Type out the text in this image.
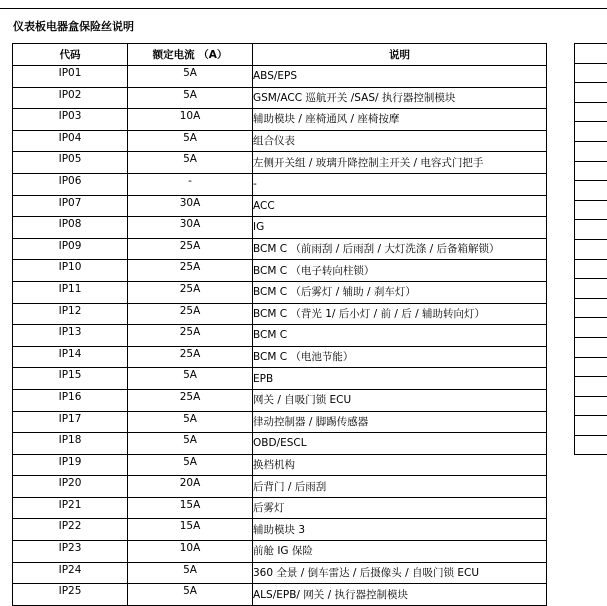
仪表板电器盒保险丝说明
代码	额定电流 （A）	说明
IP01	5A	ABS/EPS
IP02	5A	GSM/ACC 巡航开关 /SAS/ 执行器控制模块
IP03	10A	辅助模块 / 座椅通风 / 座椅按摩
IP04	5A	组合仪表
IP05	5A	左侧开关组 / 玻璃升降控制主开关 / 电容式门把手
IP06	-	-
IP07	30A	ACC
IP08	30A	IG
IP09	25A	BCM C （前雨刮 / 后雨刮 / 大灯洗涤 / 后备箱解锁）
IP10	25A	BCM C （电子转向柱锁）
IP11	25A	BCM C （后雾灯 / 辅助 / 刹车灯）
IP12	25A	BCM C （背光 1/ 后小灯 / 前 / 后 / 辅助转向灯）
IP13	25A	BCM C
IP14	25A	BCM C （电池节能）
IP15	5A	EPB
IP16	25A	网关 / 自吸门锁 ECU
IP17	5A	律动控制器 / 脚踢传感器
IP18	5A	OBD/ESCL
IP19	5A	换档机构
IP20	20A	后背门 / 后雨刮
IP21	15A	后雾灯
IP22	15A	辅助模块 3
IP23	10A	前舱 IG 保险
IP24	5A	360 全景 / 倒车雷达 / 后摄像头 / 自吸门锁 ECU
IP25	5A	ALS/EPB/ 网关 / 执行器控制模块
